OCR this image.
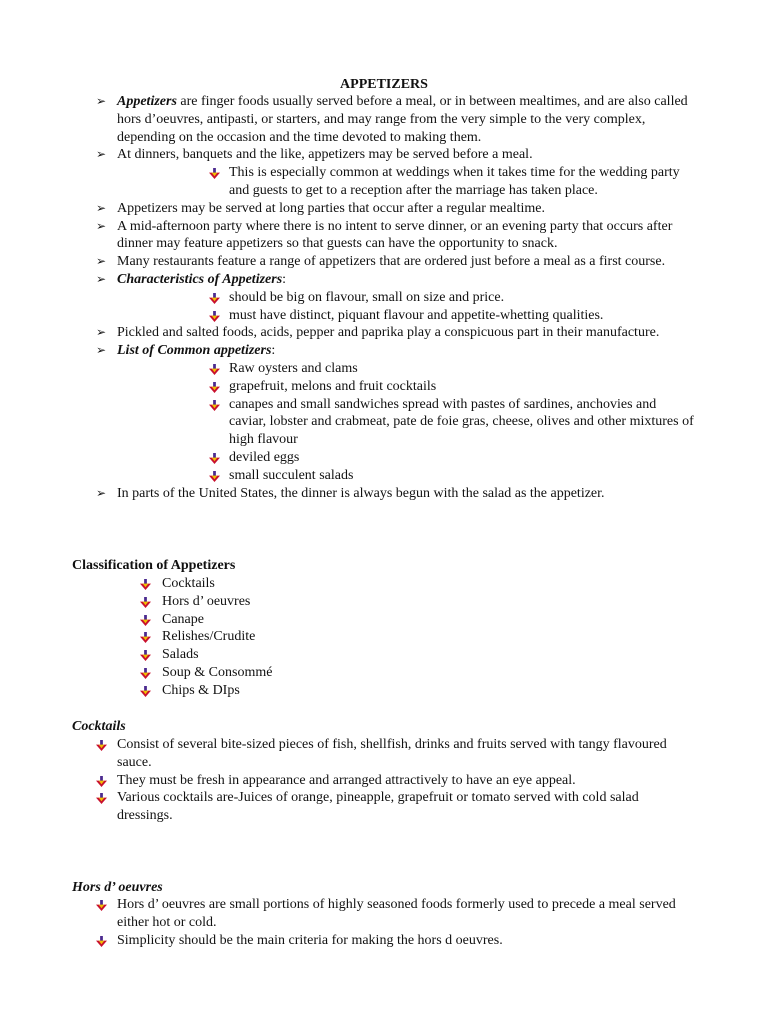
APPETIZERS
➢ Appetizers are finger foods usually served before a meal, or in between mealtimes, and are also called hors d’oeuvres, antipasti, or starters, and may range from the very simple to the very complex, depending on the occasion and the time devoted to making them.
➢ At dinners, banquets and the like, appetizers may be served before a meal.
This is especially common at weddings when it takes time for the wedding party and guests to get to a reception after the marriage has taken place.
➢ Appetizers may be served at long parties that occur after a regular mealtime.
➢ A mid-afternoon party where there is no intent to serve dinner, or an evening party that occurs after dinner may feature appetizers so that guests can have the opportunity to snack.
➢ Many restaurants feature a range of appetizers that are ordered just before a meal as a first course.
➢ Characteristics of Appetizers:
should be big on flavour, small on size and price.
must have distinct, piquant flavour and appetite-whetting qualities.
➢ Pickled and salted foods, acids, pepper and paprika play a conspicuous part in their manufacture.
➢ List of Common appetizers:
Raw oysters and clams
grapefruit, melons and fruit cocktails
canapes and small sandwiches spread with pastes of sardines, anchovies and caviar, lobster and crabmeat, pate de foie gras, cheese, olives and other mixtures of high flavour
deviled eggs
small succulent salads
➢ In parts of the United States, the dinner is always begun with the salad as the appetizer.
Classification of Appetizers
Cocktails
Hors d’ oeuvres
Canape
Relishes/Crudite
Salads
Soup & Consommé
Chips & DIps
Cocktails
Consist of several bite-sized pieces of fish, shellfish, drinks and fruits served with tangy flavoured sauce.
They must be fresh in appearance and arranged attractively to have an eye appeal.
Various cocktails are-Juices of orange, pineapple, grapefruit or tomato served with cold salad dressings.
Hors d’ oeuvres
Hors d’ oeuvres are small portions of highly seasoned foods formerly used to precede a meal served either hot or cold.
Simplicity should be the main criteria for making the hors d oeuvres.
